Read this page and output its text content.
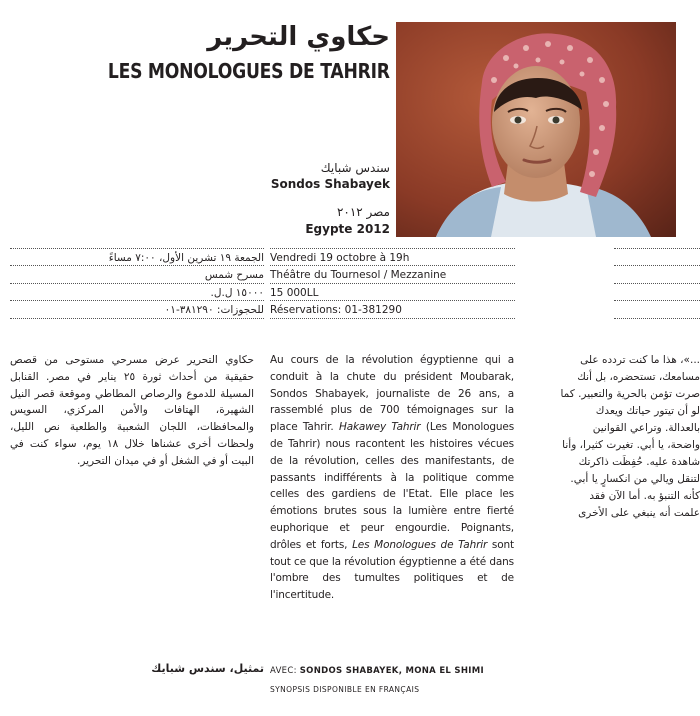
حكاوي التحرير
LES MONOLOGUES DE TAHRIR
سندس شبايك
Sondos Shabayek
مصر ٢٠١٢
Egypte 2012
الجمعة ١٩ تشرين الأول، ٧:٠٠ مساءً
مسرح شمس
١٥٠٠٠ ل.ل.
للحجوزات: ٣٨١٢٩٠-٠١
Vendredi 19 octobre à 19h
Théâtre du Tournesol / Mezzanine
15 000LL
Réservations: 01-381290
حكاوي التحرير عرض مسرحي مستوحى من قصص حقيقية من أحداث ثورة ٢٥ يناير في مصر. القنابل المسيلة للدموع والرصاص المطاطي وموقعة قصر النيل الشهيرة، الهتافات والأمن المركزي، السويس والمحافظات، اللجان الشعبية والطلعية نص الليل، ولحظات أخرى عشناها خلال ١٨ يوم، سواء كنت في البيت أو في الشغل أو في ميدان التحرير.
Au cours de la révolution égyptienne qui a conduit à la chute du président Moubarak, Sondos Shabayek, journaliste de 26 ans, a rassemblé plus de 700 témoignages sur la place Tahrir. Hakawey Tahrir (Les Monologues de Tahrir) nous racontent les histoires vécues de la révolution, celles des manifestants, de passants indifférents à la politique comme celles des gardiens de l'Etat. Elle place les émotions brutes sous la lumière entre fierté euphorique et peur engourdie. Poignants, drôles et forts, Les Monologues de Tahrir sont tout ce que la révolution égyptienne a été dans l'ombre des tumultes politiques et de l'incertitude.
...»، هذا ما كنت تردده على مسامعك، تستحضره، بل أنك صرت تؤمن بالحرية والتعبير. كما لو أن تيتور حياتك ويعدك بالعدالة. وتراعي القوانين واضحة، يا أبي. تغيرت كثيرا، وأنا شاهدة عليه. حُفِظَت ذاكرتك لتنقل ويالي من انكسارٍ يا أبي. كأنه التنبؤ به. أما الآن فقد علمت أنه ينبغي على الأخرى
تمثيل، سندس شبايك AVEC: SONDOS SHABAYEK, MONA EL SHIMI
SYNOPSIS DISPONIBLE EN FRANÇAIS
